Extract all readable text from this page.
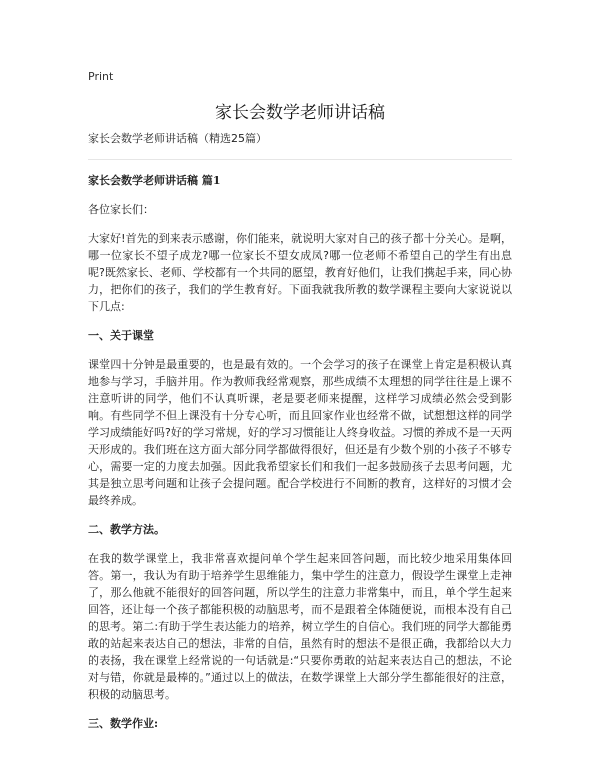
Print
家长会数学老师讲话稿

家长会数学老师讲话稿（精选25篇）

家长会数学老师讲话稿 篇1

各位家长们：

大家好!首先的到来表示感谢，你们能来，就说明大家对自己的孩子都十分关心。是啊，哪一位家长不望子成龙?哪一位家长不望女成凤?哪一位老师不希望自己的学生有出息呢?既然家长、老师、学校都有一个共同的愿望，教育好他们，让我们携起手来，同心协力，把你们的孩子，我们的学生教育好。下面我就我所教的数学课程主要向大家说说以下几点:

一、关于课堂

课堂四十分钟是最重要的，也是最有效的。一个会学习的孩子在课堂上肯定是积极认真地参与学习，手脑并用。作为教师我经常观察，那些成绩不太理想的同学往往是上课不注意听讲的同学，他们不认真听课，老是要老师来提醒，这样学习成绩必然会受到影响。有些同学不但上课没有十分专心听，而且回家作业也经常不做，试想想这样的同学学习成绩能好吗?好的学习常规，好的学习习惯能让人终身收益。习惯的养成不是一天两天形成的。我们班在这方面大部分同学都做得很好，但还是有少数个别的小孩子不够专心，需要一定的力度去加强。因此我希望家长们和我们一起多鼓励孩子去思考问题，尤其是独立思考问题和让孩子会提问题。配合学校进行不间断的教育，这样好的习惯才会最终养成。

二、教学方法。

在我的数学课堂上，我非常喜欢提问单个学生起来回答问题，而比较少地采用集体回答。第一，我认为有助于培养学生思维能力，集中学生的注意力，假设学生课堂上走神了，那么他就不能很好的回答问题，所以学生的注意力非常集中，而且，单个学生起来回答，还让每一个孩子都能积极的动脑思考，而不是跟着全体随便说，而根本没有自己的思考。第二:有助于学生表达能力的培养，树立学生的自信心。我们班的同学大都能勇敢的站起来表达自己的想法，非常的自信，虽然有时的想法不是很正确，我都给以大力的表扬，我在课堂上经常说的一句话就是:“只要你勇敢的站起来表达自己的想法，不论对与错，你就是最棒的。”通过以上的做法，在数学课堂上大部分学生都能很好的注意，积极的动脑思考。

三、数学作业:
